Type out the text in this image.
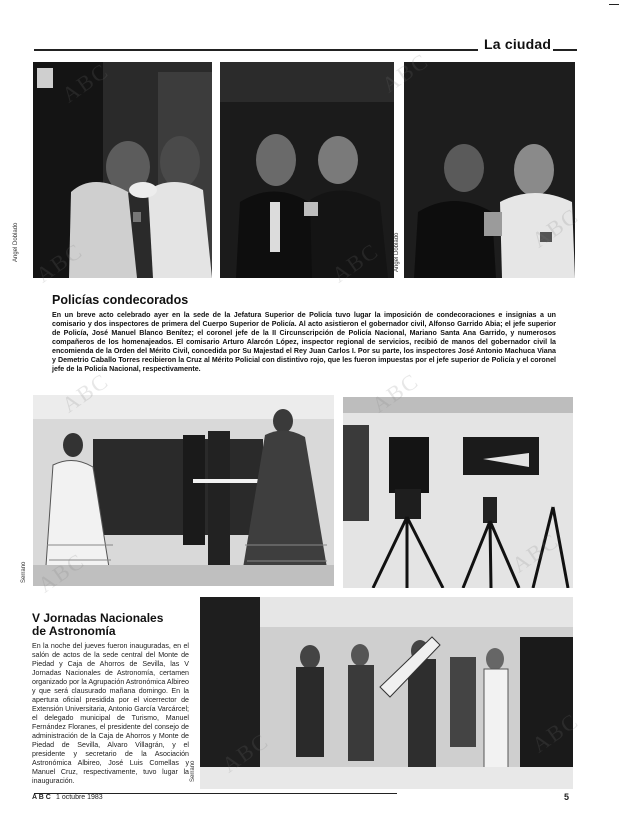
La ciudad
Angel Doblado	Angel Doblado
Policías condecorados
En un breve acto celebrado ayer en la sede de la Jefatura Superior de Policía tuvo lugar la imposición de condecoraciones e insignias a un comisario y dos inspectores de primera del Cuerpo Superior de Policía. Al acto asistieron el gobernador civil, Alfonso Garrido Abia; el jefe superior de Policía, José Manuel Blanco Benítez; el coronel jefe de la II Circunscripción de Policía Nacional, Mariano Santa Ana Garrido, y numerosos compañeros de los homenajeados. El comisario Arturo Alarcón López, inspector regional de servicios, recibió de manos del gobernador civil la encomienda de la Orden del Mérito Civil, concedida por Su Majestad el Rey Juan Carlos I. Por su parte, los inspectores José Antonio Machuca Viana y Demetrio Caballo Torres recibieron la Cruz al Mérito Policial con distintivo rojo, que les fueron impuestas por el jefe superior de Policía y el coronel jefe de la Policía Nacional, respectivamente.
Serrano
V Jornadas Nacionales
de Astronomía
En la noche del jueves fueron inauguradas, en el salón de actos de la sede central del Monte de Piedad y Caja de Ahorros de Sevilla, las V Jornadas Nacionales de Astronomía, certamen organizado por la Agrupación Astronómica Albireo y que será clausurado mañana domingo. En la apertura oficial presidida por el vicerrector de Extensión Universitaria, Antonio García Varcárcel; el delegado municipal de Turismo, Manuel Fernández Floranes, el presidente del consejo de administración de la Caja de Ahorros y Monte de Piedad de Sevilla, Alvaro Villagrán, y el presidente y secretario de la Asociación Astronómica Albireo, José Luis Comellas y Manuel Cruz, respectivamente, tuvo lugar la inauguración.	Serrano
ABC	ABC
A B C 1 octubre 1983	5
